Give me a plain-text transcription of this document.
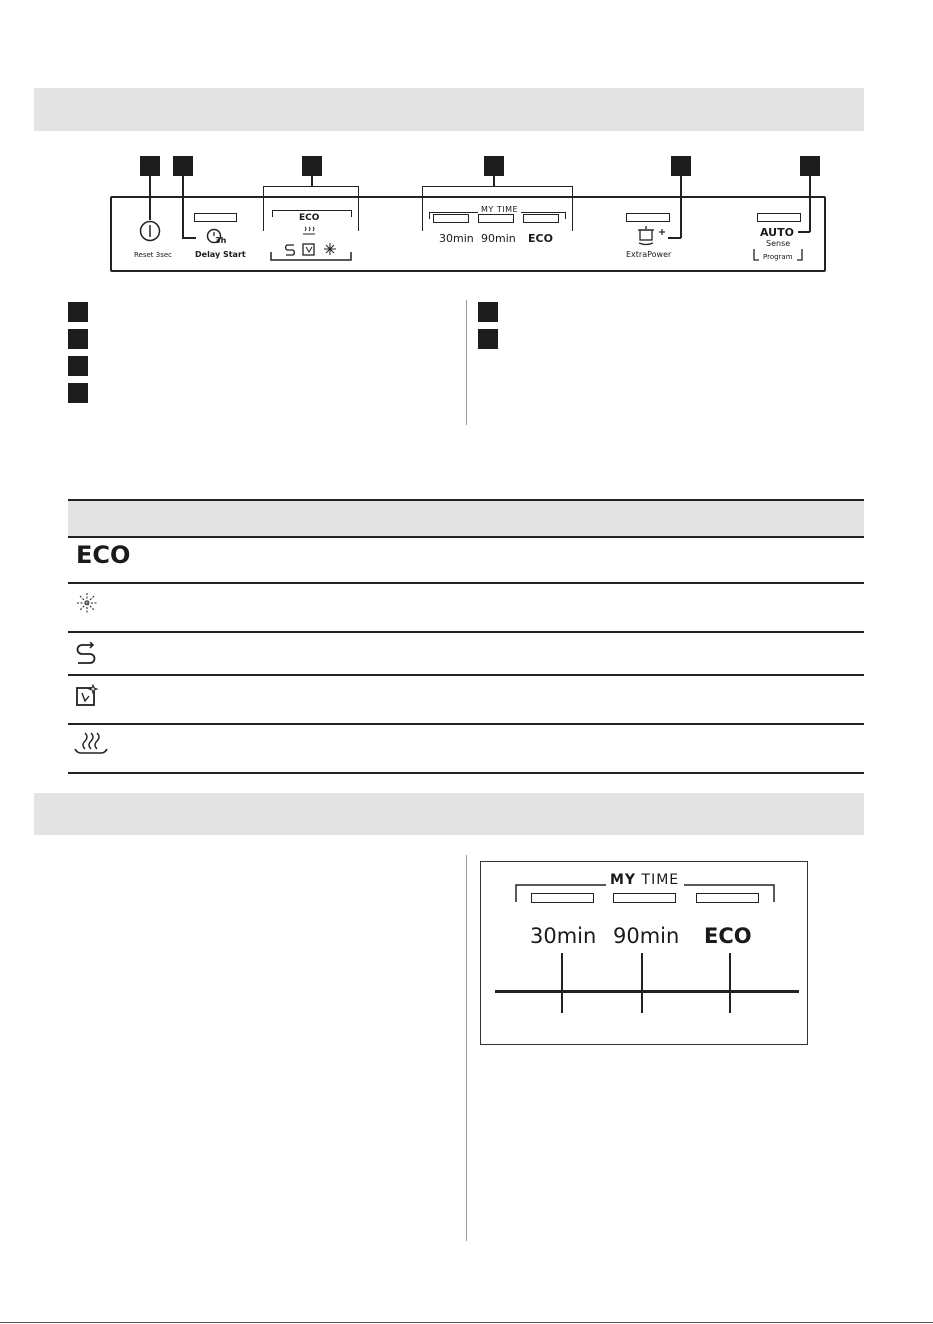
Reset 3sec
3h
Delay Start
ECO
MY TIME
30min 90min ECO
ExtraPower
AUTO
Sense
Program
ECO
MY TIME
30min 90min ECO
